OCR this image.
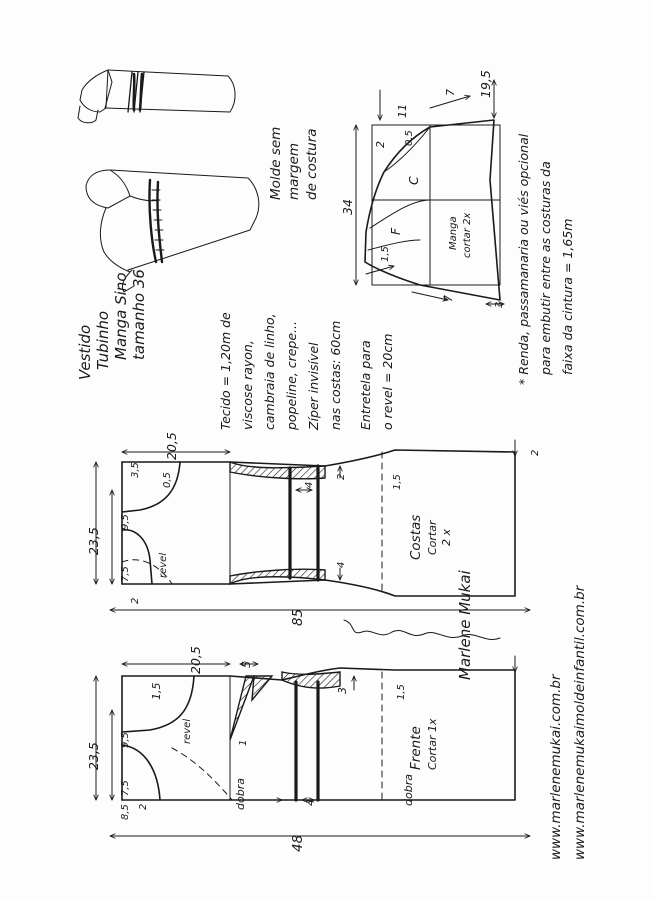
Vestido Tubinho Manga Sino tamanho 36	Tecido = 1,20m de viscose rayon, cambraia de linho, popeline, crepe... Zíper invisível nas costas: 60cm Entretela para o revel = 20cm
Molde sem margem de costura	* Renda, passamanaria ou viés opcional para embutir entre as costuras da faixa da cintura = 1,65m
C
F	Manga cortar 2x
34
19,5
11
0,5
2
1,5
7
7
3
Costas Cortar 2 x
20,5
23,5
7,5
9,5
3,5
0,5
2
2
2
4
4
1,5
revel
Frente Cortar 1x
20,5
23,5
7,5
9,5
1,5
5
4
3
1
1,5
8,5 2
revel
dobra	dobra
85
48
Marlene Mukai
www.marlenemukai.com.br www.marlenemukaimoldeinfantil.com.br
